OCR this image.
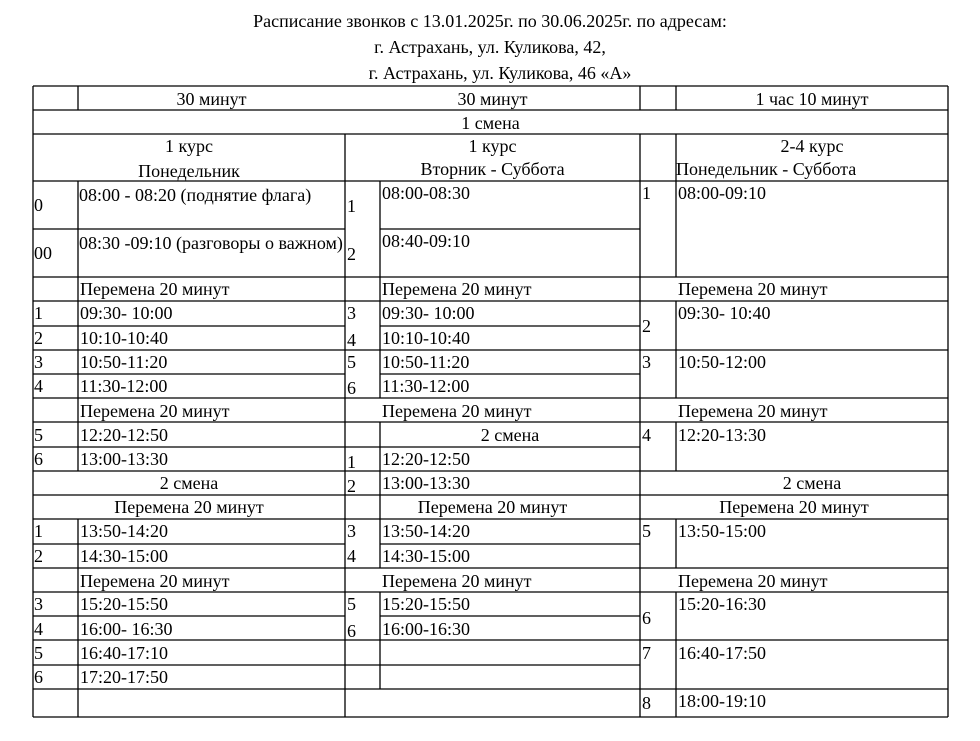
Расписание звонков с 13.01.2025г. по 30.06.2025г. по адресам:
г. Астрахань, ул. Куликова, 42,
г. Астрахань, ул. Куликова, 46 «А»
30 минут	30 минут	1 час 10 минут
1 смена
1 курс
Понедельник
1 курс
Вторник - Суббота
2-4 курс
Понедельник - Суббота
0 08:00 - 08:20 (поднятие флага)
00 08:30 -09:10 (разговоры о важном)
1 09:30- 10:00
2 10:10-10:40
3 10:50-11:20
4 11:30-12:00
5 12:20-12:50
6 13:00-13:30
1 13:50-14:20
2 14:30-15:00
3 15:20-15:50
4 16:00- 16:30
5 16:40-17:10
6 17:20-17:50
Перемена 20 минут
Перемена 20 минут
2 смена
Перемена 20 минут
Перемена 20 минут
1
08:00-08:30
2
08:40-09:10
Перемена 20 минут
3 09:30- 10:00
4 10:10-10:40
5 10:50-11:20
6 11:30-12:00
Перемена 20 минут
2 смена
1 12:20-12:50
2 13:00-13:30
Перемена 20 минут
3 13:50-14:20
4 14:30-15:00
Перемена 20 минут
5 15:20-15:50
6 16:00-16:30
1 08:00-09:10
Перемена 20 минут
2
09:30- 10:40
3 10:50-12:00
Перемена 20 минут
4 12:20-13:30
2 смена
Перемена 20 минут
5 13:50-15:00
Перемена 20 минут
6
15:20-16:30
7 16:40-17:50
8 18:00-19:10
